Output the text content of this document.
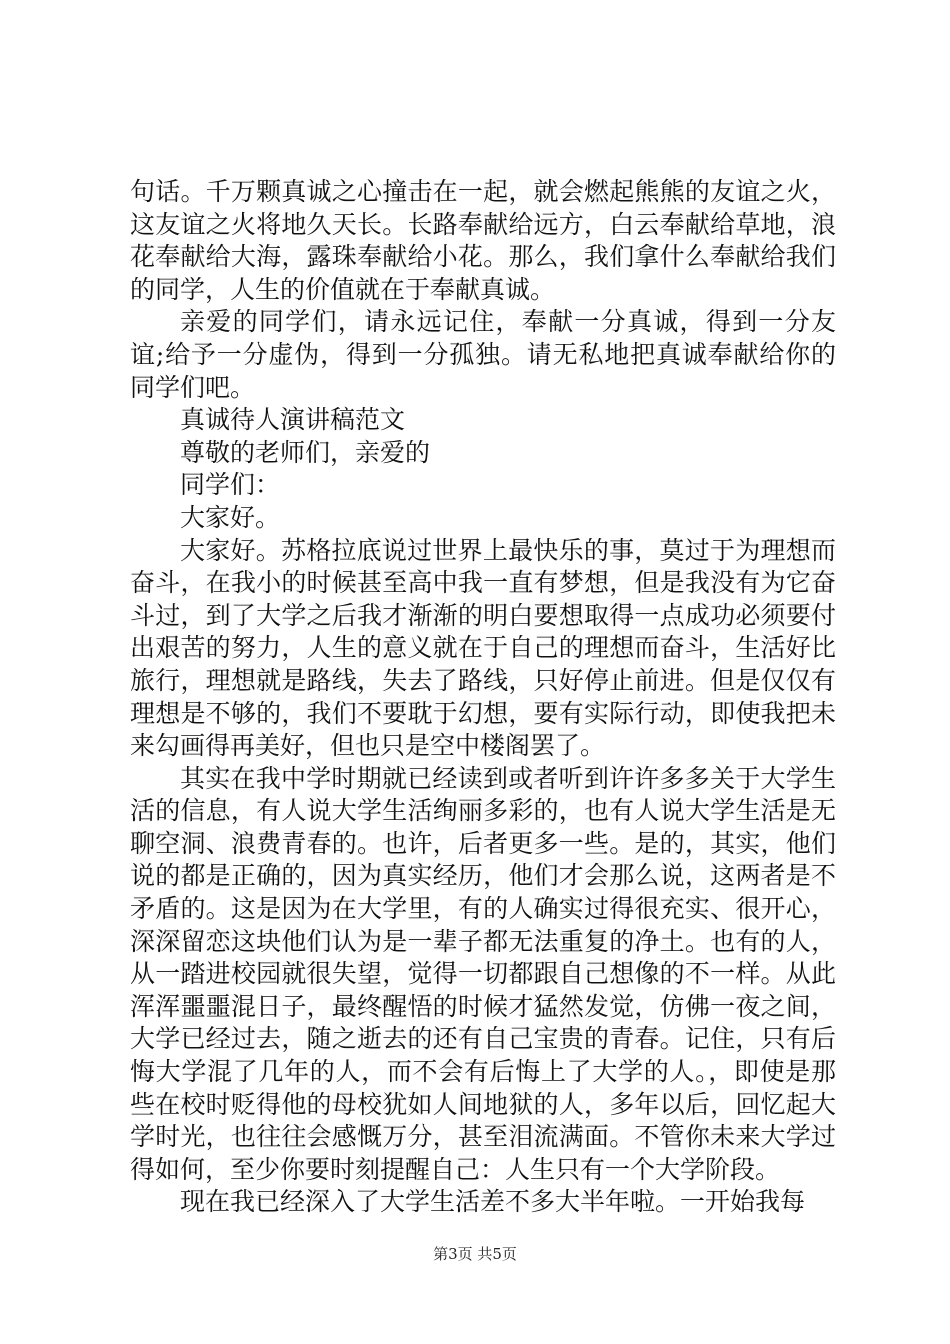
句话。千万颗真诚之心撞击在一起，就会燃起熊熊的友谊之火，这友谊之火将地久天长。长路奉献给远方，白云奉献给草地，浪花奉献给大海，露珠奉献给小花。那么，我们拿什么奉献给我们的同学，人生的价值就在于奉献真诚。

亲爱的同学们，请永远记住，奉献一分真诚，得到一分友谊;给予一分虚伪，得到一分孤独。请无私地把真诚奉献给你的同学们吧。

真诚待人演讲稿范文

尊敬的老师们，亲爱的

同学们：

大家好。

大家好。苏格拉底说过世界上最快乐的事，莫过于为理想而奋斗，在我小的时候甚至高中我一直有梦想，但是我没有为它奋斗过，到了大学之后我才渐渐的明白要想取得一点成功必须要付出艰苦的努力，人生的意义就在于自己的理想而奋斗，生活好比旅行，理想就是路线，失去了路线，只好停止前进。但是仅仅有理想是不够的，我们不要耽于幻想，要有实际行动，即使我把未来勾画得再美好，但也只是空中楼阁罢了。

其实在我中学时期就已经读到或者听到许许多多关于大学生活的信息，有人说大学生活绚丽多彩的，也有人说大学生活是无聊空洞、浪费青春的。也许，后者更多一些。是的，其实，他们说的都是正确的，因为真实经历，他们才会那么说，这两者是不矛盾的。这是因为在大学里，有的人确实过得很充实、很开心，深深留恋这块他们认为是一辈子都无法重复的净土。也有的人，从一踏进校园就很失望，觉得一切都跟自己想像的不一样。从此浑浑噩噩混日子，最终醒悟的时候才猛然发觉，仿佛一夜之间，大学已经过去，随之逝去的还有自己宝贵的青春。记住，只有后悔大学混了几年的人，而不会有后悔上了大学的人。，即使是那些在校时贬得他的母校犹如人间地狱的人，多年以后，回忆起大学时光，也往往会感慨万分，甚至泪流满面。不管你未来大学过得如何，至少你要时刻提醒自己：人生只有一个大学阶段。

现在我已经深入了大学生活差不多大半年啦。一开始我每

第3页 共5页
